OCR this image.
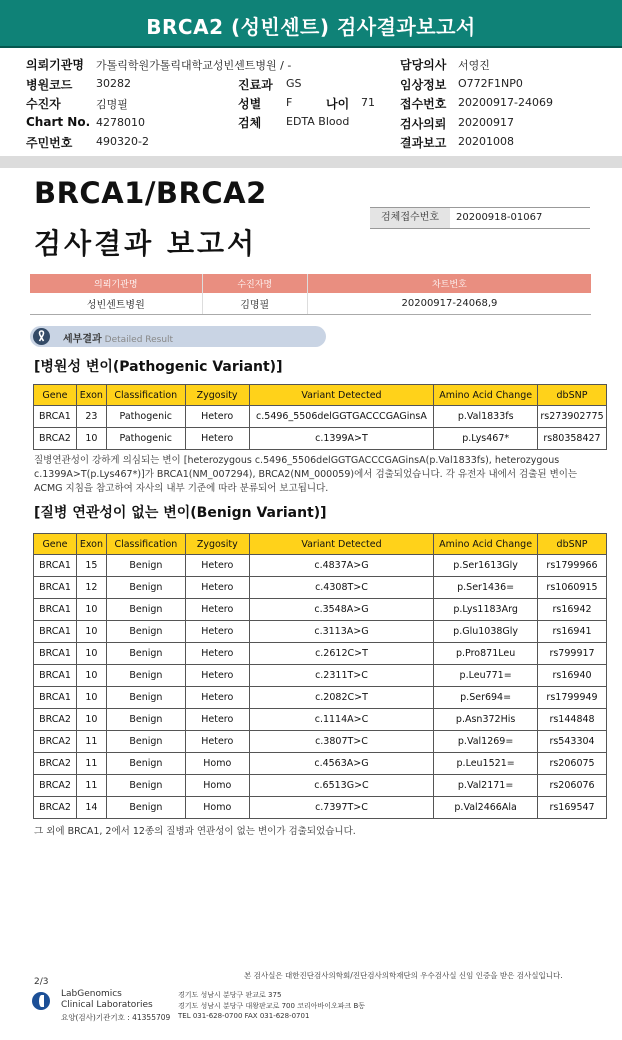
BRCA2 (성빈센트) 검사결과보고서
의뢰기관명 가톨릭학원가톨릭대학교성빈센트병원 / -
병원코드 30282	진료과 GS
수진자	김명필	성별 F	나이 71
Chart No. 4278010	검체 EDTA Blood
주민번호 490320-2
담당의사 서영진
임상정보 O772F1NP0
접수번호 20200917-24069
검사의뢰 20200917
결과보고 20201008
BRCA1/BRCA2
검사결과 보고서
검체접수번호	20200918-01067
의뢰기관명	수진자명	차트번호
성빈센트병원	김명필	20200917-24068,9
세부결과 Detailed Result
[병원성 변이(Pathogenic Variant)]
Gene	Exon	Classification	Zygosity	Variant Detected	Amino Acid Change	dbSNP
BRCA1	23	Pathogenic	Hetero	c.5496_5506delGGTGACCCGAGinsA	p.Val1833fs	rs273902775
BRCA2	10	Pathogenic	Hetero	c.1399A>T	p.Lys467*	rs80358427
질병연관성이 강하게 의심되는 변이 [heterozygous c.5496_5506delGGTGACCCGAGinsA(p.Val1833fs), heterozygous c.1399A>T(p.Lys467*)]가 BRCA1(NM_007294), BRCA2(NM_000059)에서 검출되었습니다. 각 유전자 내에서 검출된 변이는 ACMG 지침을 참고하여 자사의 내부 기준에 따라 분류되어 보고됩니다.
[질병 연관성이 없는 변이(Benign Variant)]
Gene	Exon	Classification	Zygosity	Variant Detected	Amino Acid Change	dbSNP
BRCA1	15	Benign	Hetero	c.4837A>G	p.Ser1613Gly	rs1799966
BRCA1	12	Benign	Hetero	c.4308T>C	p.Ser1436=	rs1060915
BRCA1	10	Benign	Hetero	c.3548A>G	p.Lys1183Arg	rs16942
BRCA1	10	Benign	Hetero	c.3113A>G	p.Glu1038Gly	rs16941
BRCA1	10	Benign	Hetero	c.2612C>T	p.Pro871Leu	rs799917
BRCA1	10	Benign	Hetero	c.2311T>C	p.Leu771=	rs16940
BRCA1	10	Benign	Hetero	c.2082C>T	p.Ser694=	rs1799949
BRCA2	10	Benign	Hetero	c.1114A>C	p.Asn372His	rs144848
BRCA2	11	Benign	Hetero	c.3807T>C	p.Val1269=	rs543304
BRCA2	11	Benign	Homo	c.4563A>G	p.Leu1521=	rs206075
BRCA2	11	Benign	Homo	c.6513G>C	p.Val2171=	rs206076
BRCA2	14	Benign	Homo	c.7397T>C	p.Val2466Ala	rs169547
그 외에 BRCA1, 2에서 12종의 질병과 연관성이 없는 변이가 검출되었습니다.
본 검사실은 대한진단검사의학회/진단검사의학재단의 우수검사실 신임 인증을 받은 검사실입니다.
2/3
LabGenomics
Clinical Laboratories
요양(검사)기관기호 : 41355709
경기도 성남시 분당구 판교로 375
경기도 성남시 분당구 대왕판교로 700 코리아바이오파크 B동
TEL 031-628-0700 FAX 031-628-0701
